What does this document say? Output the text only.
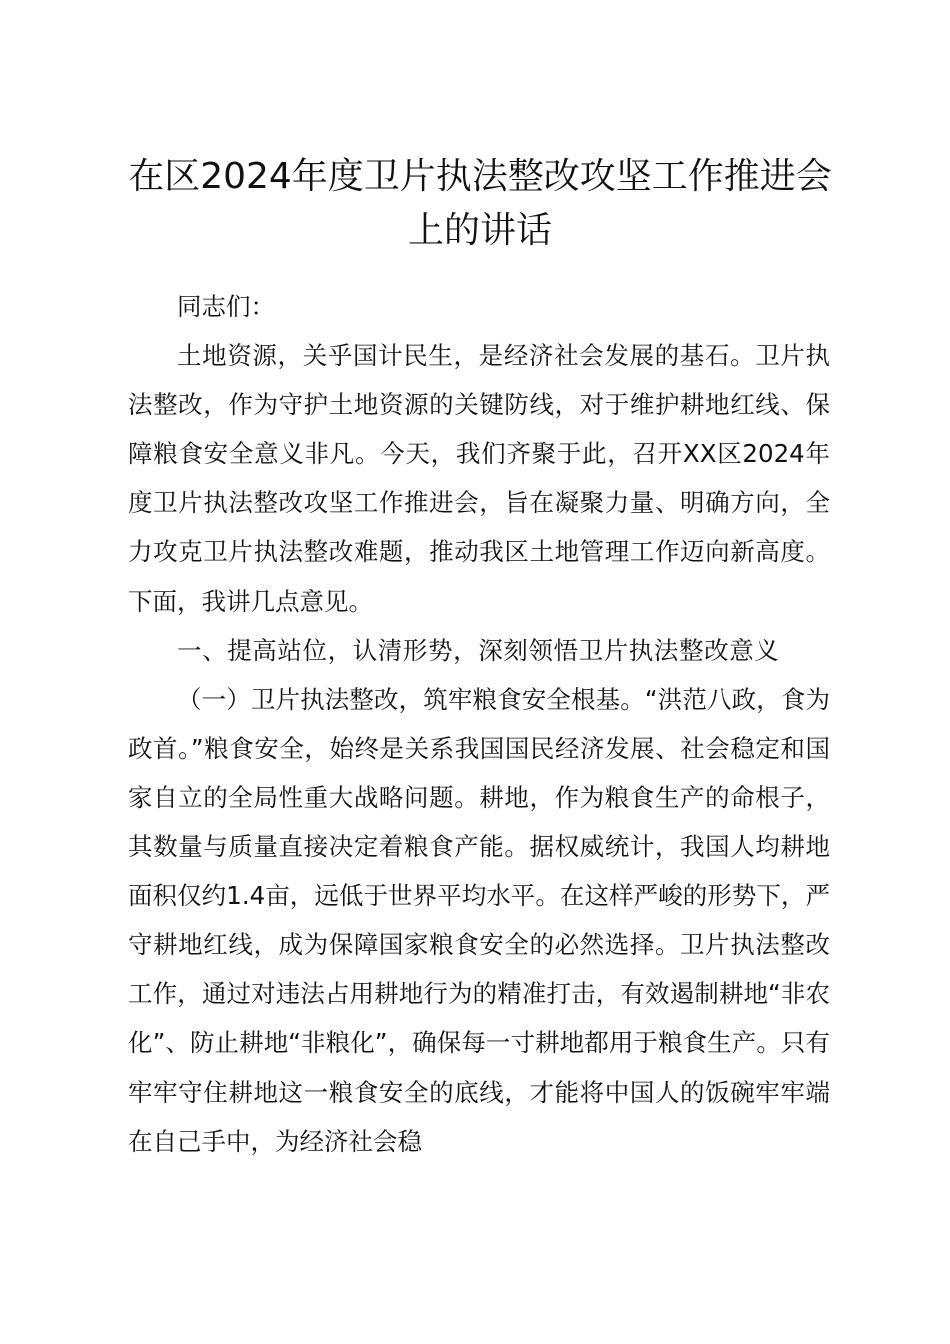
在区2024年度卫片执法整改攻坚工作推进会
上的讲话

同志们：

土地资源，关乎国计民生，是经济社会发展的基石。卫片执法整改，作为守护土地资源的关键防线，对于维护耕地红线、保障粮食安全意义非凡。今天，我们齐聚于此，召开XX区2024年度卫片执法整改攻坚工作推进会，旨在凝聚力量、明确方向，全力攻克卫片执法整改难题，推动我区土地管理工作迈向新高度。下面，我讲几点意见。

一、提高站位，认清形势，深刻领悟卫片执法整改意义

（一）卫片执法整改，筑牢粮食安全根基。“洪范八政，食为政首。”粮食安全，始终是关系我国国民经济发展、社会稳定和国家自立的全局性重大战略问题。耕地，作为粮食生产的命根子，其数量与质量直接决定着粮食产能。据权威统计，我国人均耕地面积仅约1.4亩，远低于世界平均水平。在这样严峻的形势下，严守耕地红线，成为保障国家粮食安全的必然选择。卫片执法整改工作，通过对违法占用耕地行为的精准打击，有效遏制耕地“非农化”、防止耕地“非粮化”，确保每一寸耕地都用于粮食生产。只有牢牢守住耕地这一粮食安全的底线，才能将中国人的饭碗牢牢端在自己手中，为经济社会稳
